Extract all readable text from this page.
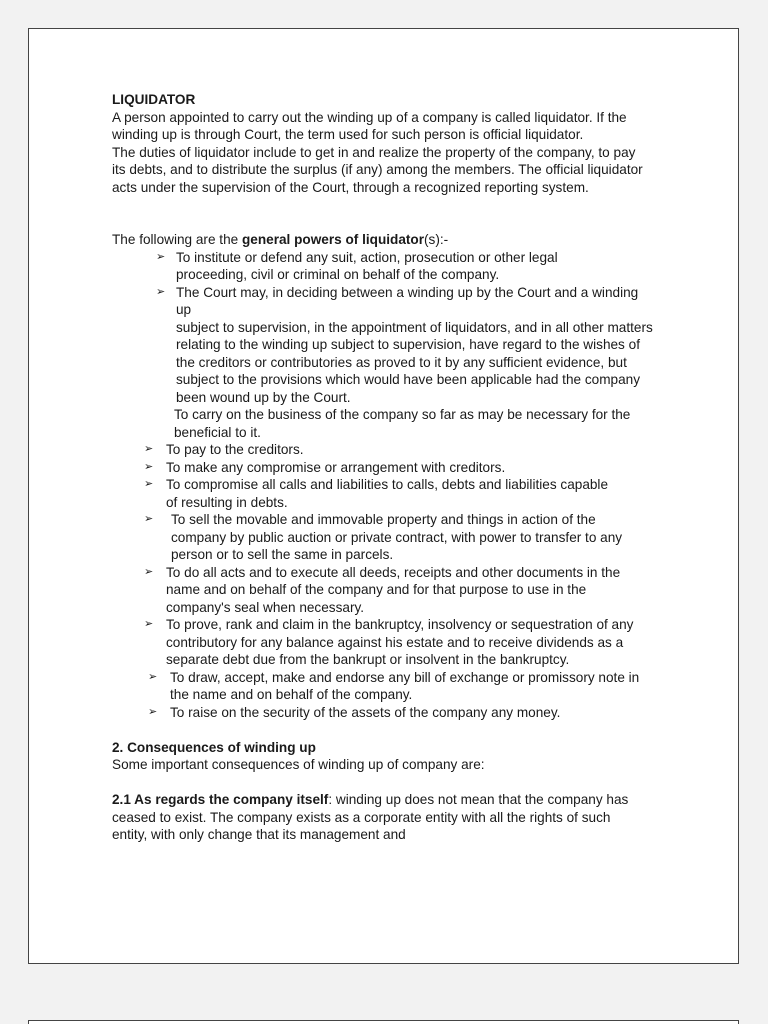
LIQUIDATOR

A person appointed to carry out the winding up of a company is called liquidator. If the winding up is through Court, the term used for such person is official liquidator.

The duties of liquidator include to get in and realize the property of the company, to pay its debts, and to distribute the surplus (if any) among the members. The official liquidator acts under the supervision of the Court, through a recognized reporting system.

The following are the general powers of liquidator(s):-

➢ To institute or defend any suit, action, prosecution or other legal proceeding, civil or criminal on behalf of the company.
➢ The Court may, in deciding between a winding up by the Court and a winding up
subject to supervision, in the appointment of liquidators, and in all other matters relating to the winding up subject to supervision, have regard to the wishes of the creditors or contributories as proved to it by any sufficient evidence, but subject to the provisions which would have been applicable had the company been wound up by the Court.
To carry on the business of the company so far as may be necessary for the beneficial to it.
➢ To pay to the creditors.
➢ To make any compromise or arrangement with creditors.
➢ To compromise all calls and liabilities to calls, debts and liabilities capable of resulting in debts.
➢ To sell the movable and immovable property and things in action of the company by public auction or private contract, with power to transfer to any person or to sell the same in parcels.
➢ To do all acts and to execute all deeds, receipts and other documents in the name and on behalf of the company and for that purpose to use in the company's seal when necessary.
➢ To prove, rank and claim in the bankruptcy, insolvency or sequestration of any contributory for any balance against his estate and to receive dividends as a separate debt due from the bankrupt or insolvent in the bankruptcy.
➢ To draw, accept, make and endorse any bill of exchange or promissory note in the name and on behalf of the company.
➢ To raise on the security of the assets of the company any money.

2. Consequences of winding up

Some important consequences of winding up of company are:

2.1 As regards the company itself: winding up does not mean that the company has ceased to exist. The company exists as a corporate entity with all the rights of such entity, with only change that its management and
